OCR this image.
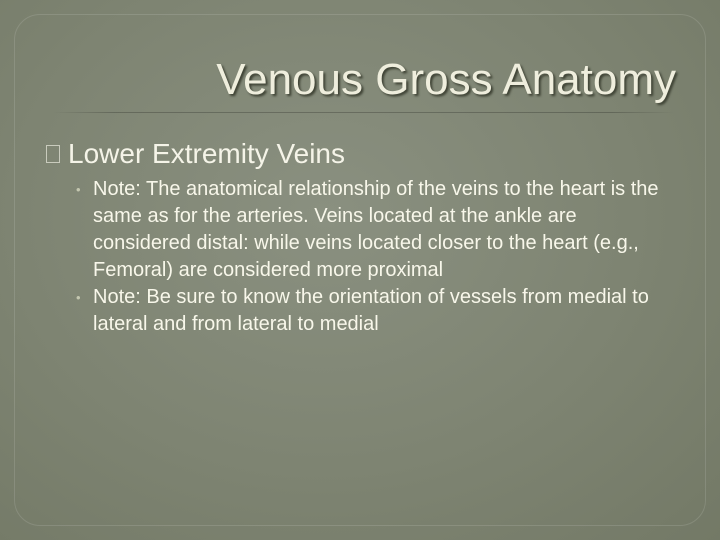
Venous Gross Anatomy
Lower Extremity Veins
• Note: The anatomical relationship of the veins to the heart is the same as for the arteries. Veins located at the ankle are considered distal: while veins located closer to the heart (e.g., Femoral) are considered more proximal
• Note: Be sure to know the orientation of vessels from medial to lateral and from lateral to medial
